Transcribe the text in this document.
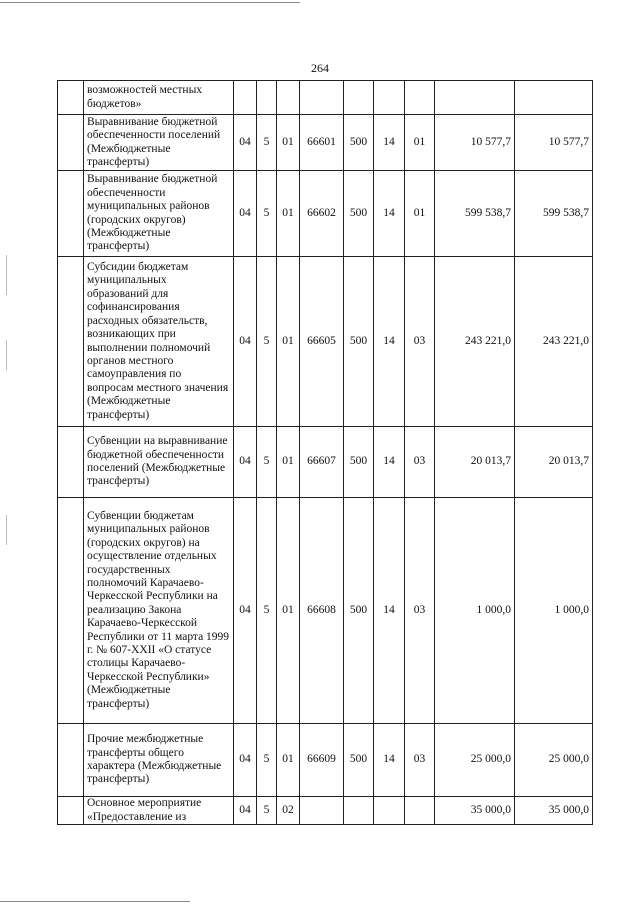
264
	возможностей местных бюджетов»									
	Выравнивание бюджетной обеспеченности поселений (Межбюджетные трансферты)	04	5	01	66601	500	14	01	10 577,7	10 577,7
	Выравнивание бюджетной обеспеченности муниципальных районов (городских округов) (Межбюджетные трансферты)	04	5	01	66602	500	14	01	599 538,7	599 538,7
	Субсидии бюджетам муниципальных образований для софинансирования расходных обязательств, возникающих при выполнении полномочий органов местного самоуправления по вопросам местного значения (Межбюджетные трансферты)	04	5	01	66605	500	14	03	243 221,0	243 221,0
	Субвенции на выравнивание бюджетной обеспеченности поселений (Межбюджетные трансферты)	04	5	01	66607	500	14	03	20 013,7	20 013,7
	Субвенции бюджетам муниципальных районов (городских округов) на осуществление отдельных государственных полномочий Карачаево-Черкесской Республики на реализацию Закона Карачаево-Черкесской Республики от 11 марта 1999 г. № 607-XXII «О статусе столицы Карачаево-Черкесской Республики» (Межбюджетные трансферты)	04	5	01	66608	500	14	03	1 000,0	1 000,0
	Прочие межбюджетные трансферты общего характера (Межбюджетные трансферты)	04	5	01	66609	500	14	03	25 000,0	25 000,0
	Основное мероприятие «Предоставление из	04	5	02					35 000,0	35 000,0
